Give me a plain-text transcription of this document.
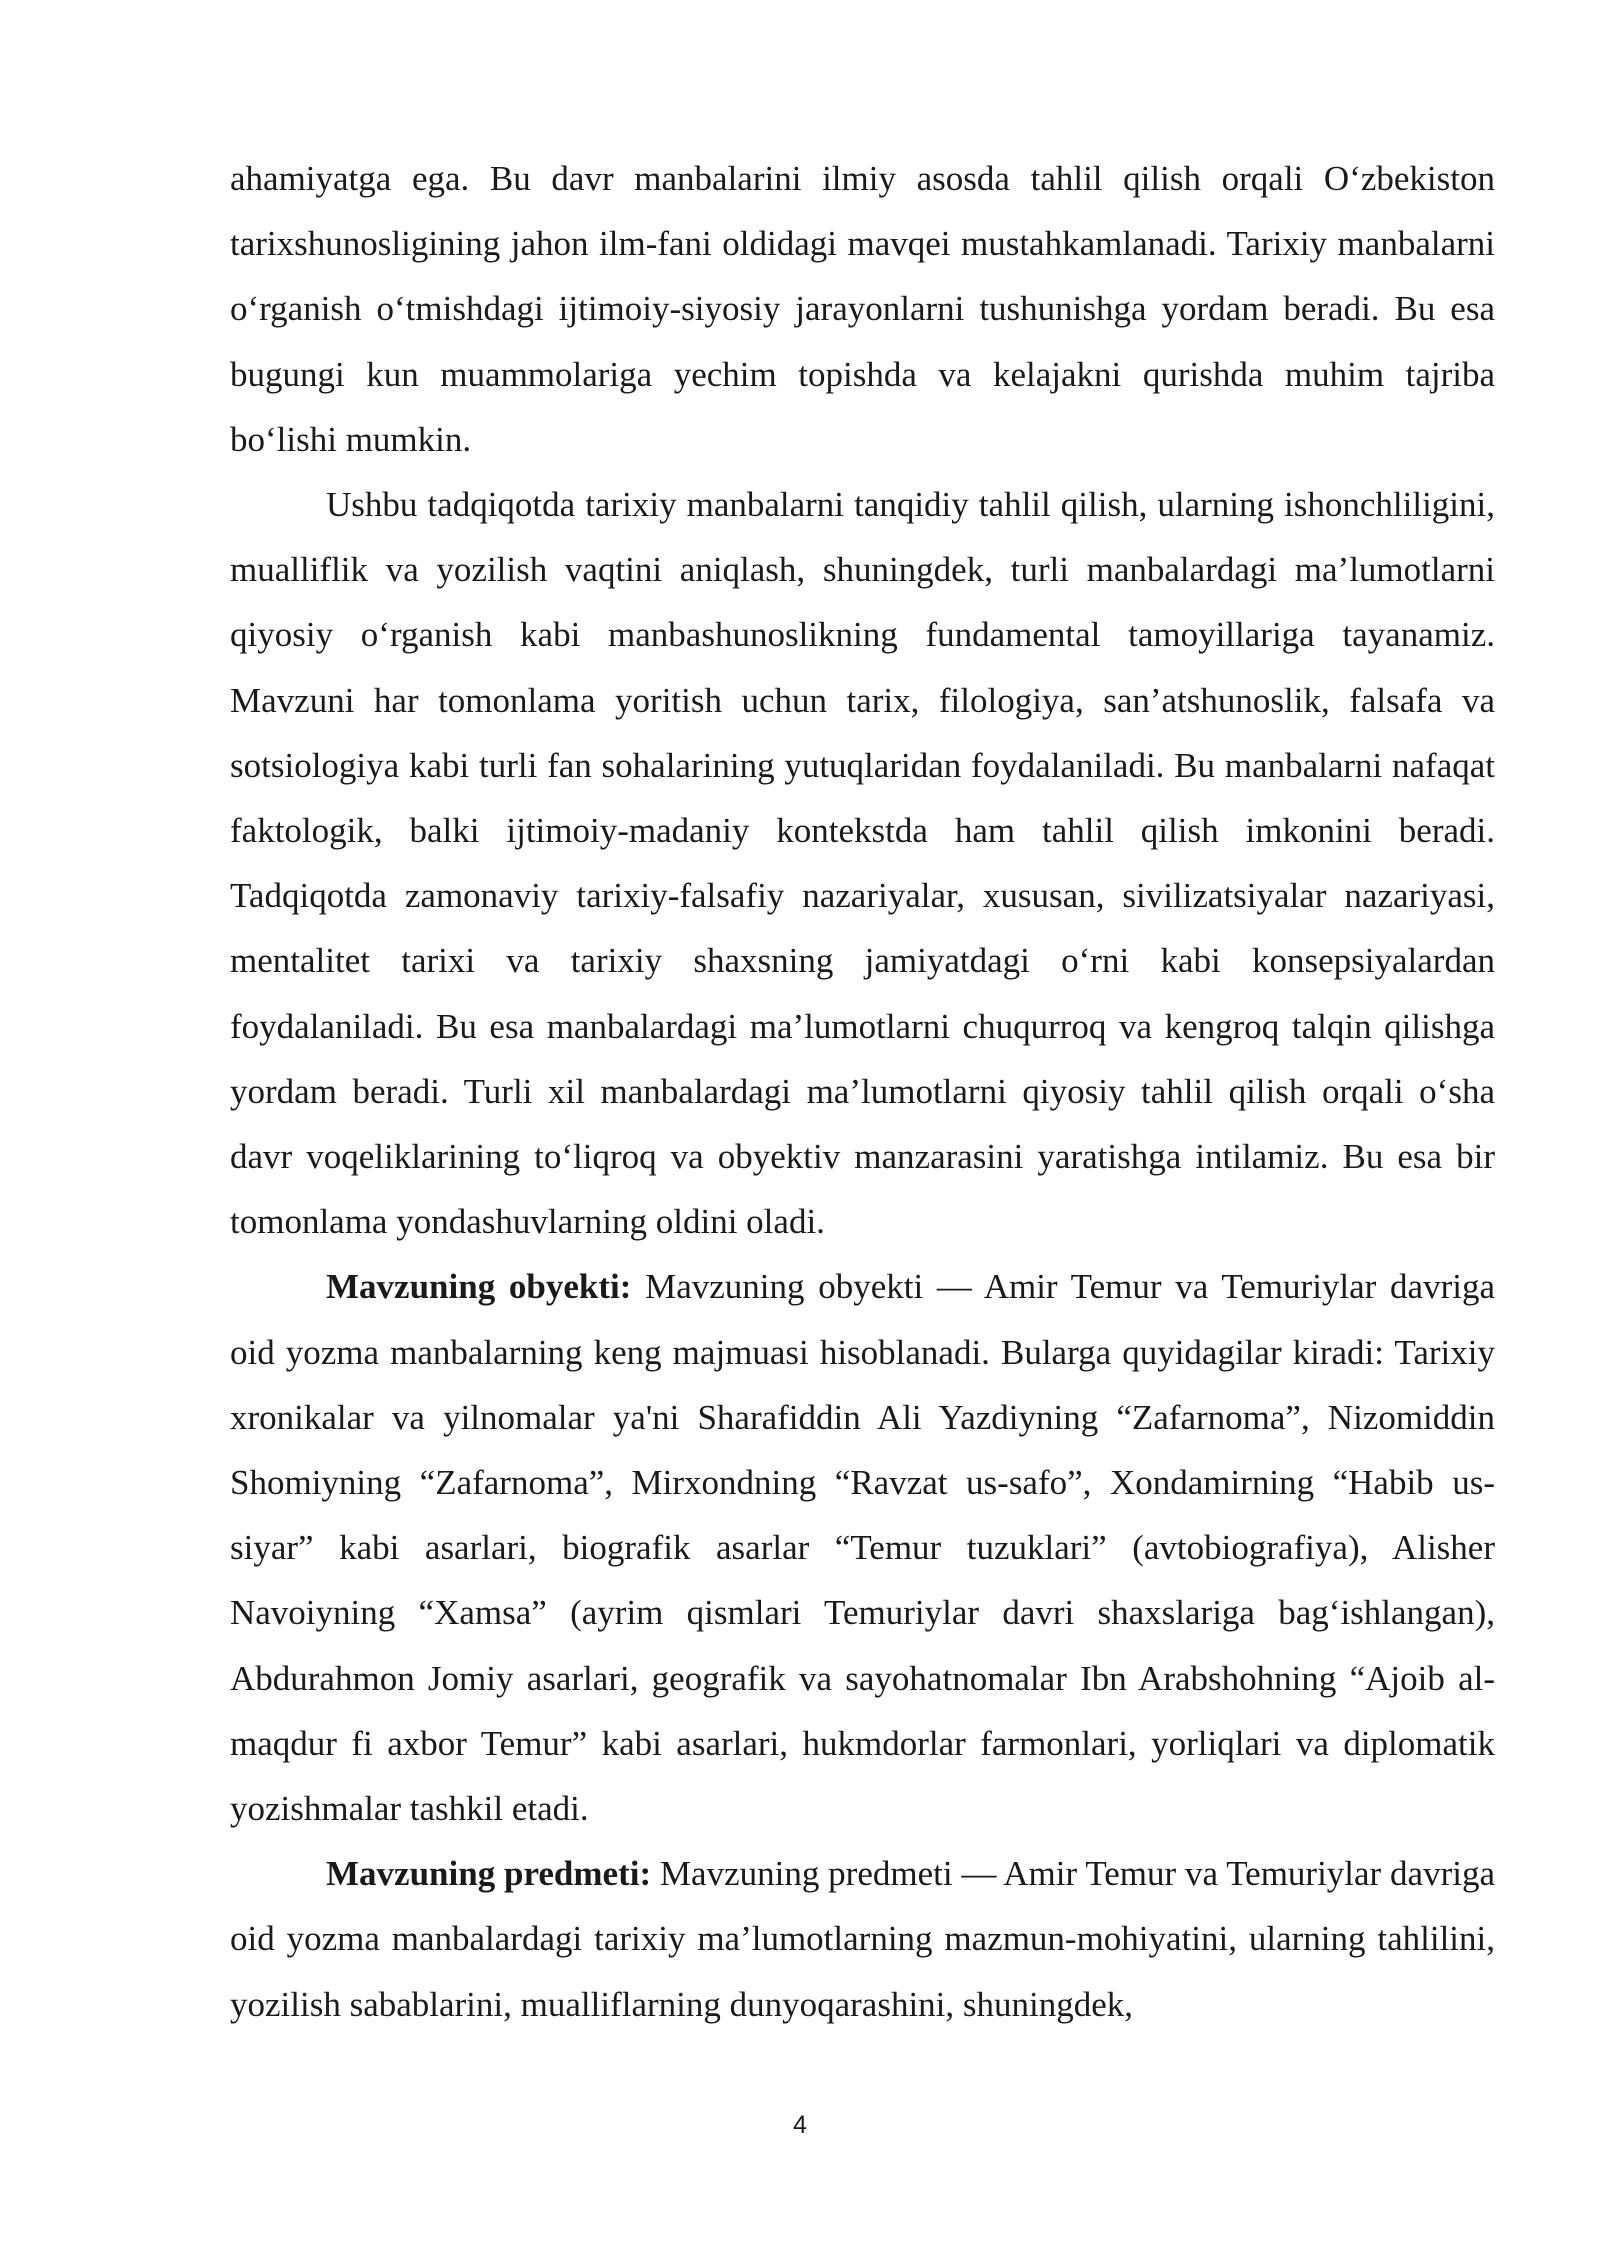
ahamiyatga ega. Bu davr manbalarini ilmiy asosda tahlil qilish orqali O‘zbekiston tarixshunosligining jahon ilm-fani oldidagi mavqei mustahkamlanadi. Tarixiy manbalarni o‘rganish o‘tmishdagi ijtimoiy-siyosiy jarayonlarni tushunishga yordam beradi. Bu esa bugungi kun muammolariga yechim topishda va kelajakni qurishda muhim tajriba bo‘lishi mumkin.

Ushbu tadqiqotda tarixiy manbalarni tanqidiy tahlil qilish, ularning ishonchliligini, mualliflik va yozilish vaqtini aniqlash, shuningdek, turli manbalardagi ma’lumotlarni qiyosiy o‘rganish kabi manbashunoslikning fundamental tamoyillariga tayanamiz. Mavzuni har tomonlama yoritish uchun tarix, filologiya, san’atshunoslik, falsafa va sotsiologiya kabi turli fan sohalarining yutuqlaridan foydalaniladi. Bu manbalarni nafaqat faktologik, balki ijtimoiy-madaniy kontekstda ham tahlil qilish imkonini beradi. Tadqiqotda zamonaviy tarixiy-falsafiy nazariyalar, xususan, sivilizatsiyalar nazariyasi, mentalitet tarixi va tarixiy shaxsning jamiyatdagi o‘rni kabi konsepsiyalardan foydalaniladi. Bu esa manbalardagi ma’lumotlarni chuqurroq va kengroq talqin qilishga yordam beradi. Turli xil manbalardagi ma’lumotlarni qiyosiy tahlil qilish orqali o‘sha davr voqeliklarining to‘liqroq va obyektiv manzarasini yaratishga intilamiz. Bu esa bir tomonlama yondashuvlarning oldini oladi.

Mavzuning obyekti: Mavzuning obyekti — Amir Temur va Temuriylar davriga oid yozma manbalarning keng majmuasi hisoblanadi. Bularga quyidagilar kiradi: Tarixiy xronikalar va yilnomalar ya'ni Sharafiddin Ali Yazdiyning “Zafarnoma”, Nizomiddin Shomiyning “Zafarnoma”, Mirxondning “Ravzat us-safo”, Xondamirning “Habib us-siyar” kabi asarlari, biografik asarlar “Temur tuzuklari” (avtobiografiya), Alisher Navoiyning “Xamsa” (ayrim qismlari Temuriylar davri shaxslariga bag‘ishlangan), Abdurahmon Jomiy asarlari, geografik va sayohatnomalar Ibn Arabshohning “Ajoib al-maqdur fi axbor Temur” kabi asarlari, hukmdorlar farmonlari, yorliqlari va diplomatik yozishmalar tashkil etadi.

Mavzuning predmeti: Mavzuning predmeti — Amir Temur va Temuriylar davriga oid yozma manbalardagi tarixiy ma’lumotlarning mazmun-mohiyatini, ularning tahlilini, yozilish sabablarini, mualliflarning dunyoqarashini, shuningdek,

4
